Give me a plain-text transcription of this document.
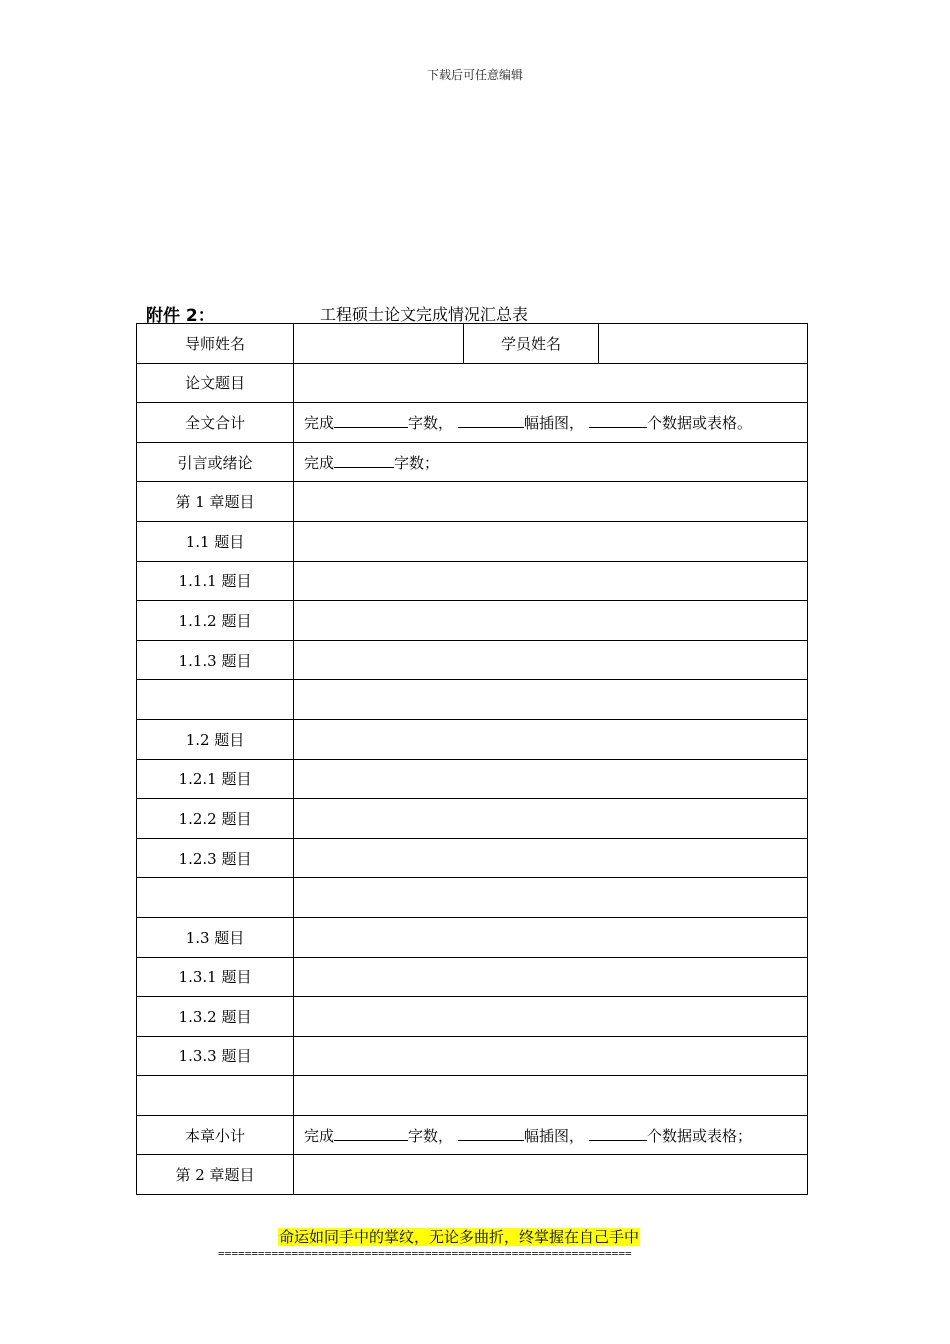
下载后可任意编辑
附件 2：	工程硕士论文完成情况汇总表
导师姓名		学员姓名	
论文题目			
全文合计	完成 字数， 幅插图， 个数据或表格。		
引言或绪论	完成 字数；		
第 1 章题目			
1.1 题目			
1.1.1 题目			
1.1.2 题目			
1.1.3 题目			

1.2 题目			
1.2.1 题目			
1.2.2 题目			
1.2.3 题目			

1.3 题目			
1.3.1 题目			
1.3.2 题目			
1.3.3 题目			

本章小计	完成 字数， 幅插图， 个数据或表格；		
第 2 章题目			
命运如同手中的掌纹，无论多曲折，终掌握在自己手中
==============================================================
